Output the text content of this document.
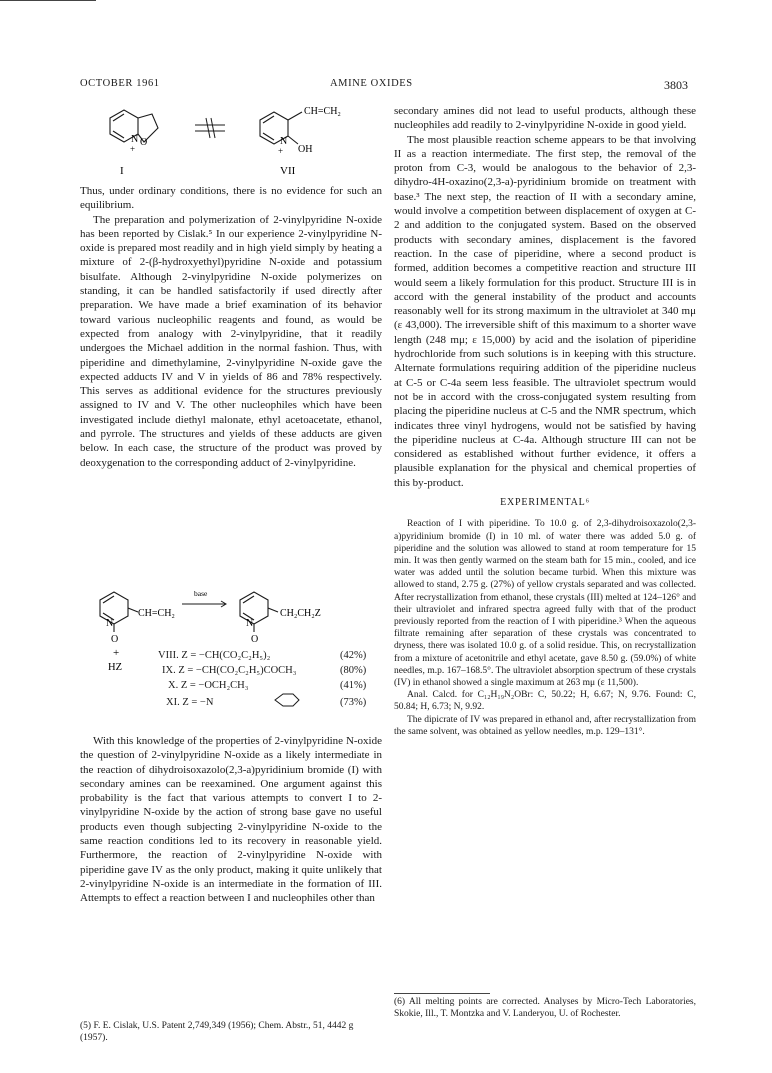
OCTOBER 1961	AMINE OXIDES	3803
N O
+
CH=CH₂
N
OH
+
I	VII

Thus, under ordinary conditions, there is no evidence for such an equilibrium.

The preparation and polymerization of 2-vinylpyridine N-oxide has been reported by Cislak.⁵ In our experience 2-vinylpyridine N-oxide is prepared most readily and in high yield simply by heating a mixture of 2-(β-hydroxyethyl)pyridine N-oxide and potassium bisulfate. Although 2-vinylpyridine N-oxide polymerizes on standing, it can be handled satisfactorily if used directly after preparation. We have made a brief examination of its behavior toward various nucleophilic reagents and found, as would be expected from analogy with 2-vinylpyridine, that it readily undergoes the Michael addition in the normal fashion. Thus, with piperidine and dimethylamine, 2-vinylpyridine N-oxide gave the expected adducts IV and V in yields of 86 and 78% respectively. This serves as additional evidence for the structures previously assigned to IV and V. The other nucleophiles which have been investigated include diethyl malonate, ethyl acetoacetate, ethanol, and pyrrole. The structures and yields of these adducts are given below. In each case, the structure of the product was proved by deoxygenation to the corresponding adduct of 2-vinylpyridine.

N
CH=CH₂
O
+
HZ
base
N
CH₂CH₂Z
O
VIII. Z = −CH(CO₂C₂H₅)₂	(42%)
IX. Z = −CH(CO₂C₂H₅)COCH₃	(80%)
X. Z = −OCH₂CH₃	(41%)
XI. Z = −N	(73%)

With this knowledge of the properties of 2-vinylpyridine N-oxide the question of 2-vinylpyridine N-oxide as a likely intermediate in the reaction of dihydroisoxazolo(2,3-a)pyridinium bromide (I) with secondary amines can be reexamined. One argument against this probability is the fact that various attempts to convert I to 2-vinylpyridine N-oxide by the action of strong base gave no useful products even though subjecting 2-vinylpyridine N-oxide to the same reaction conditions led to its recovery in reasonable yield. Furthermore, the reaction of 2-vinylpyridine N-oxide with piperidine gave IV as the only product, making it quite unlikely that 2-vinylpyridine N-oxide is an intermediate in the formation of III. Attempts to effect a reaction between I and nucleophiles other than

(5) F. E. Cislak, U.S. Patent 2,749,349 (1956); Chem. Abstr., 51, 4442 g (1957).

secondary amines did not lead to useful products, although these nucleophiles add readily to 2-vinylpyridine N-oxide in good yield.

The most plausible reaction scheme appears to be that involving II as a reaction intermediate. The first step, the removal of the proton from C-3, would be analogous to the behavior of 2,3-dihydro-4H-oxazino(2,3-a)-pyridinium bromide on treatment with base.³ The next step, the reaction of II with a secondary amine, would involve a competition between displacement of oxygen at C-2 and addition to the conjugated system. Based on the observed products with secondary amines, displacement is the favored reaction. In the case of piperidine, where a second product is formed, addition becomes a competitive reaction and structure III would seem a likely formulation for this product. Structure III is in accord with the general instability of the product and accounts reasonably well for its strong maximum in the ultraviolet at 340 mμ (ε 43,000). The irreversible shift of this maximum to a shorter wave length (248 mμ; ε 15,000) by acid and the isolation of piperidine hydrochloride from such solutions is in keeping with this structure. Alternate formulations requiring addition of the piperidine nucleus at C-5 or C-4a seem less feasible. The ultraviolet spectrum would not be in accord with the cross-conjugated system resulting from placing the piperidine nucleus at C-5 and the NMR spectrum, which indicates three vinyl hydrogens, would not be satisfied by having the piperidine nucleus at C-4a. Although structure III can not be considered as established without further evidence, it offers a plausible explanation for the physical and chemical properties of this by-product.

EXPERIMENTAL⁶

Reaction of I with piperidine. To 10.0 g. of 2,3-dihydroisoxazolo(2,3-a)pyridinium bromide (I) in 10 ml. of water there was added 5.0 g. of piperidine and the solution was allowed to stand at room temperature for 15 min. It was then gently warmed on the steam bath for 15 min., cooled, and ice water was added until the solution became turbid. When this mixture was allowed to stand, 2.75 g. (27%) of yellow crystals separated and was collected. After recrystallization from ethanol, these crystals (III) melted at 124–126° and their ultraviolet and infrared spectra agreed fully with that of the product previously reported from the reaction of I with piperidine.³ When the aqueous filtrate remaining after separation of these crystals was concentrated to dryness, there was isolated 10.0 g. of a solid residue. This, on recrystallization from a mixture of acetonitrile and ethyl acetate, gave 8.50 g. (59.0%) of white needles, m.p. 167–168.5°. The ultraviolet absorption spectrum of these crystals (IV) in ethanol showed a single maximum at 263 mμ (ε 11,500).

Anal. Calcd. for C₁₂H₁₉N₂OBr: C, 50.22; H, 6.67; N, 9.76. Found: C, 50.84; H, 6.73; N, 9.92.

The dipicrate of IV was prepared in ethanol and, after recrystallization from the same solvent, was obtained as yellow needles, m.p. 129–131°.

(6) All melting points are corrected. Analyses by Micro-Tech Laboratories, Skokie, Ill., T. Montzka and V. Landeryou, U. of Rochester.
